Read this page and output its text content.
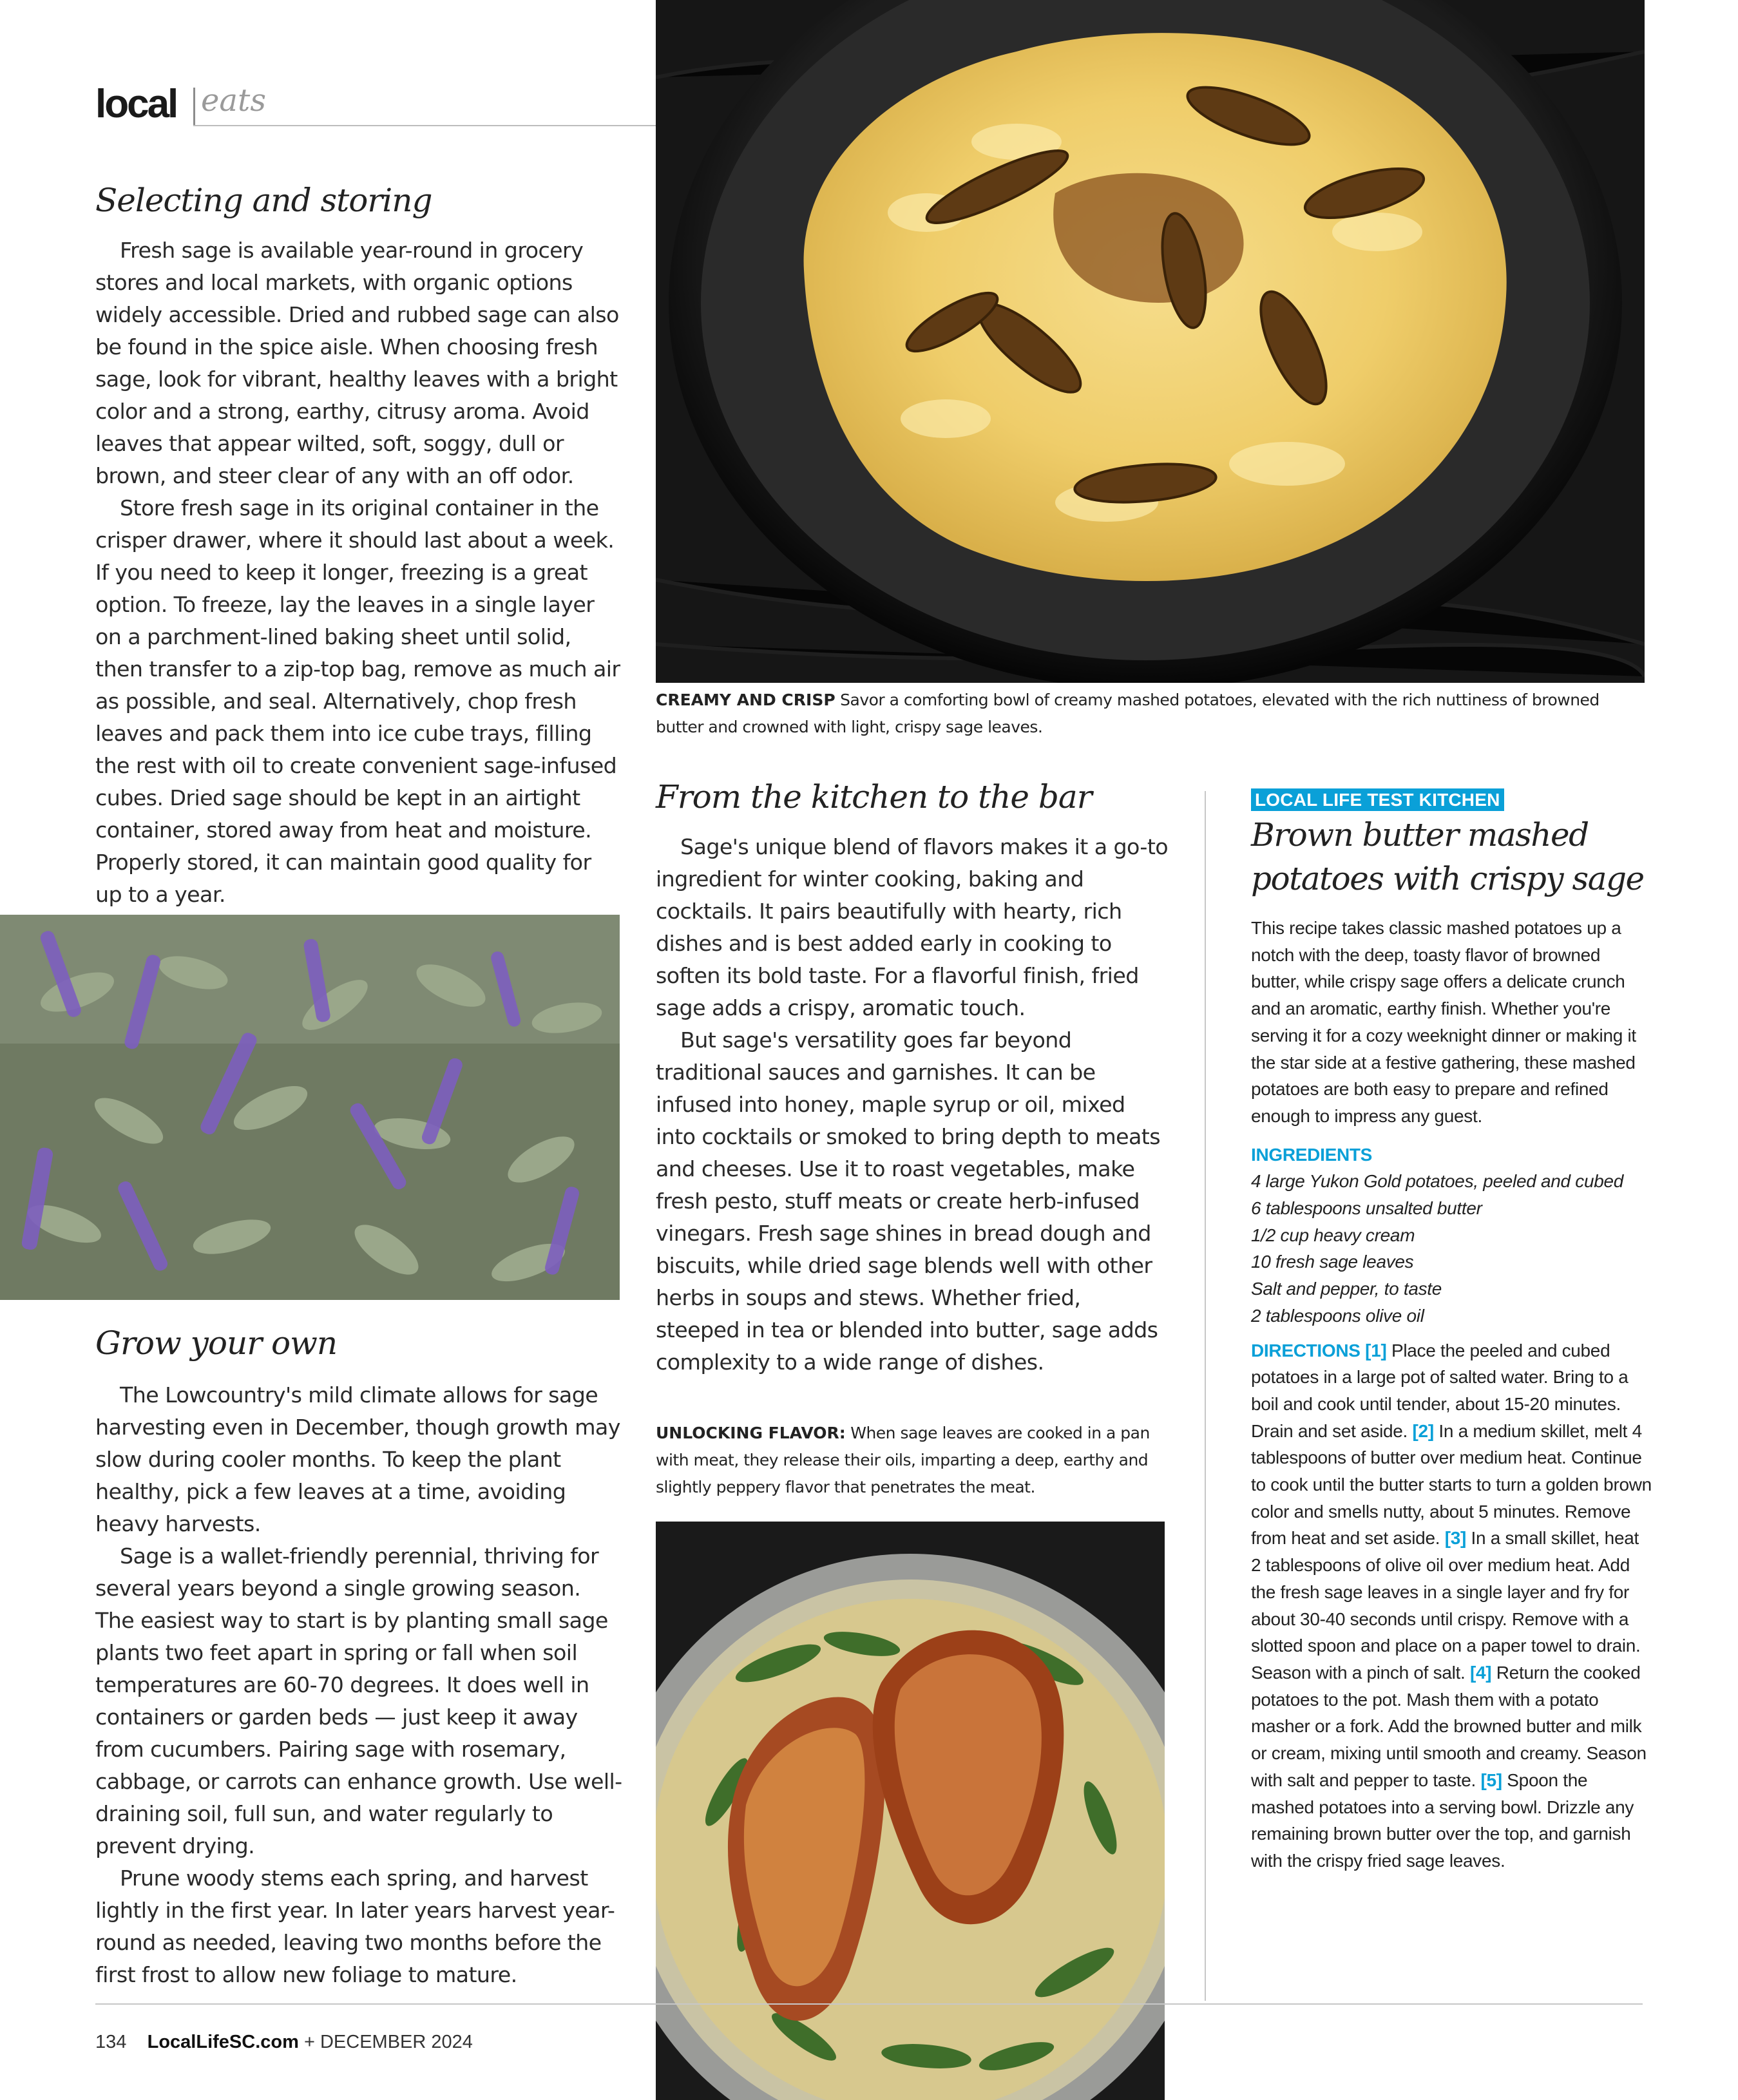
local eats
CREAMY AND CRISP Savor a comforting bowl of creamy mashed potatoes, elevated with the rich nuttiness of browned butter and crowned with light, crispy sage leaves.
Selecting and storing

Fresh sage is available year-round in grocery stores and local markets, with organic options widely accessible. Dried and rubbed sage can also be found in the spice aisle. When choosing fresh sage, look for vibrant, healthy leaves with a bright color and a strong, earthy, citrusy aroma. Avoid leaves that appear wilted, soft, soggy, dull or brown, and steer clear of any with an off odor.

Store fresh sage in its original container in the crisper drawer, where it should last about a week. If you need to keep it longer, freezing is a great option. To freeze, lay the leaves in a single layer on a parchment-lined baking sheet until solid, then transfer to a zip-top bag, remove as much air as possible, and seal. Alternatively, chop fresh leaves and pack them into ice cube trays, filling the rest with oil to create convenient sage-infused cubes. Dried sage should be kept in an airtight container, stored away from heat and moisture. Properly stored, it can maintain good quality for up to a year.

Grow your own

The Lowcountry's mild climate allows for sage harvesting even in December, though growth may slow during cooler months. To keep the plant healthy, pick a few leaves at a time, avoiding heavy harvests.

Sage is a wallet-friendly perennial, thriving for several years beyond a single growing season. The easiest way to start is by planting small sage plants two feet apart in spring or fall when soil temperatures are 60-70 degrees. It does well in containers or garden beds — just keep it away from cucumbers. Pairing sage with rosemary, cabbage, or carrots can enhance growth. Use well-draining soil, full sun, and water regularly to prevent drying.

Prune woody stems each spring, and harvest lightly in the first year. In later years harvest year-round as needed, leaving two months before the first frost to allow new foliage to mature.

From the kitchen to the bar

Sage's unique blend of flavors makes it a go-to ingredient for winter cooking, baking and cocktails. It pairs beautifully with hearty, rich dishes and is best added early in cooking to soften its bold taste. For a flavorful finish, fried sage adds a crispy, aromatic touch.

But sage's versatility goes far beyond traditional sauces and garnishes. It can be infused into honey, maple syrup or oil, mixed into cocktails or smoked to bring depth to meats and cheeses. Use it to roast vegetables, make fresh pesto, stuff meats or create herb-infused vinegars. Fresh sage shines in bread dough and biscuits, while dried sage blends well with other herbs in soups and stews. Whether fried, steeped in tea or blended into butter, sage adds complexity to a wide range of dishes.

UNLOCKING FLAVOR: When sage leaves are cooked in a pan with meat, they release their oils, imparting a deep, earthy and slightly peppery flavor that penetrates the meat.
LOCAL LIFE TEST KITCHEN
Brown butter mashed potatoes with crispy sage

This recipe takes classic mashed potatoes up a notch with the deep, toasty flavor of browned butter, while crispy sage offers a delicate crunch and an aromatic, earthy finish. Whether you're serving it for a cozy weeknight dinner or making it the star side at a festive gathering, these mashed potatoes are both easy to prepare and refined enough to impress any guest.

INGREDIENTS
4 large Yukon Gold potatoes, peeled and cubed
6 tablespoons unsalted butter
1/2 cup heavy cream
10 fresh sage leaves
Salt and pepper, to taste
2 tablespoons olive oil

DIRECTIONS [1] Place the peeled and cubed potatoes in a large pot of salted water. Bring to a boil and cook until tender, about 15-20 minutes. Drain and set aside. [2] In a medium skillet, melt 4 tablespoons of butter over medium heat. Continue to cook until the butter starts to turn a golden brown color and smells nutty, about 5 minutes. Remove from heat and set aside. [3] In a small skillet, heat 2 tablespoons of olive oil over medium heat. Add the fresh sage leaves in a single layer and fry for about 30-40 seconds until crispy. Remove with a slotted spoon and place on a paper towel to drain. Season with a pinch of salt. [4] Return the cooked potatoes to the pot. Mash them with a potato masher or a fork. Add the browned butter and milk or cream, mixing until smooth and creamy. Season with salt and pepper to taste. [5] Spoon the mashed potatoes into a serving bowl. Drizzle any remaining brown butter over the top, and garnish with the crispy fried sage leaves.

134 LocalLifeSC.com + DECEMBER 2024
